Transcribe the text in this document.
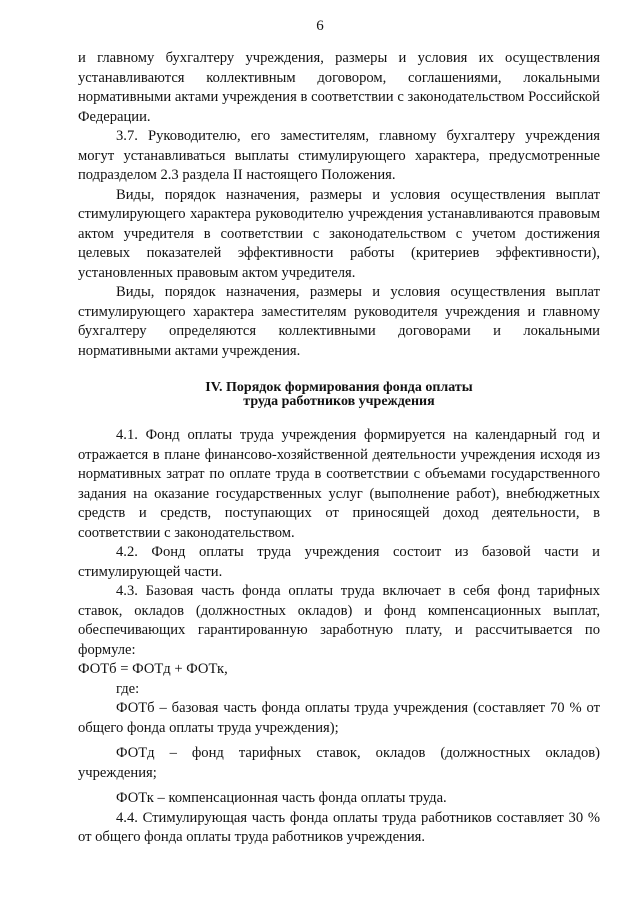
6

и главному бухгалтеру учреждения, размеры и условия их осуществления устанавливаются коллективным договором, соглашениями, локальными нормативными актами учреждения в соответствии с законодательством Российской Федерации.

3.7. Руководителю, его заместителям, главному бухгалтеру учреждения могут устанавливаться выплаты стимулирующего характера, предусмотренные подразделом 2.3 раздела II настоящего Положения.

Виды, порядок назначения, размеры и условия осуществления выплат стимулирующего характера руководителю учреждения устанавливаются правовым актом учредителя в соответствии с законодательством с учетом достижения целевых показателей эффективности работы (критериев эффективности), установленных правовым актом учредителя.

Виды, порядок назначения, размеры и условия осуществления выплат стимулирующего характера заместителям руководителя учреждения и главному бухгалтеру определяются коллективными договорами и локальными нормативными актами учреждения.

IV. Порядок формирования фонда оплаты
труда работников учреждения

4.1. Фонд оплаты труда учреждения формируется на календарный год и отражается в плане финансово-хозяйственной деятельности учреждения исходя из нормативных затрат по оплате труда в соответствии с объемами государственного задания на оказание государственных услуг (выполнение работ), внебюджетных средств и средств, поступающих от приносящей доход деятельности, в соответствии с законодательством.

4.2. Фонд оплаты труда учреждения состоит из базовой части и стимулирующей части.

4.3. Базовая часть фонда оплаты труда включает в себя фонд тарифных ставок, окладов (должностных окладов) и фонд компенсационных выплат, обеспечивающих гарантированную заработную плату, и рассчитывается по формуле:

ФОТб = ФОТд + ФОТк,

где:

ФОТб – базовая часть фонда оплаты труда учреждения (составляет 70 % от общего фонда оплаты труда учреждения);

ФОТд – фонд тарифных ставок, окладов (должностных окладов) учреждения;

ФОТк – компенсационная часть фонда оплаты труда.

4.4. Стимулирующая часть фонда оплаты труда работников составляет 30 % от общего фонда оплаты труда работников учреждения.
